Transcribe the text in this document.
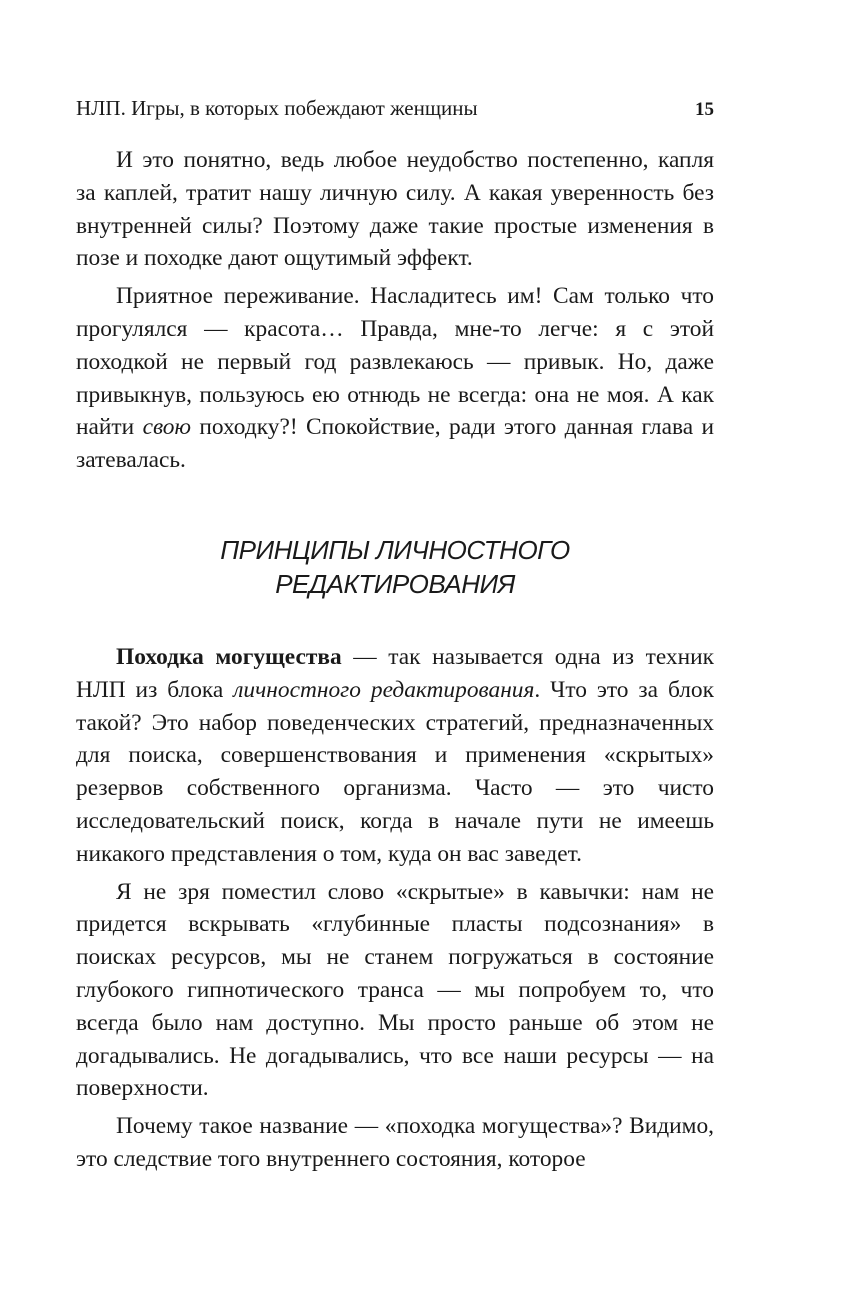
НЛП. Игры, в которых побеждают женщины	15

И это понятно, ведь любое неудобство постепенно, капля за каплей, тратит нашу личную силу. А какая уверенность без внутренней силы? Поэтому даже такие простые изменения в позе и походке дают ощутимый эффект.

Приятное переживание. Насладитесь им! Сам только что прогулялся — красота… Правда, мне-то легче: я с этой походкой не первый год развлекаюсь — привык. Но, даже привыкнув, пользуюсь ею отнюдь не всегда: она не моя. А как найти свою походку?! Спокойствие, ради этого данная глава и затевалась.

ПРИНЦИПЫ ЛИЧНОСТНОГО
РЕДАКТИРОВАНИЯ

Походка могущества — так называется одна из техник НЛП из блока личностного редактирования. Что это за блок такой? Это набор поведенческих стратегий, предназначенных для поиска, совершенствования и применения «скрытых» резервов собственного организма. Часто — это чисто исследовательский поиск, когда в начале пути не имеешь никакого представления о том, куда он вас заведет.

Я не зря поместил слово «скрытые» в кавычки: нам не придется вскрывать «глубинные пласты подсознания» в поисках ресурсов, мы не станем погружаться в состояние глубокого гипнотического транса — мы попробуем то, что всегда было нам доступно. Мы просто раньше об этом не догадывались. Не догадывались, что все наши ресурсы — на поверхности.

Почему такое название — «походка могущества»? Видимо, это следствие того внутреннего состояния, которое
